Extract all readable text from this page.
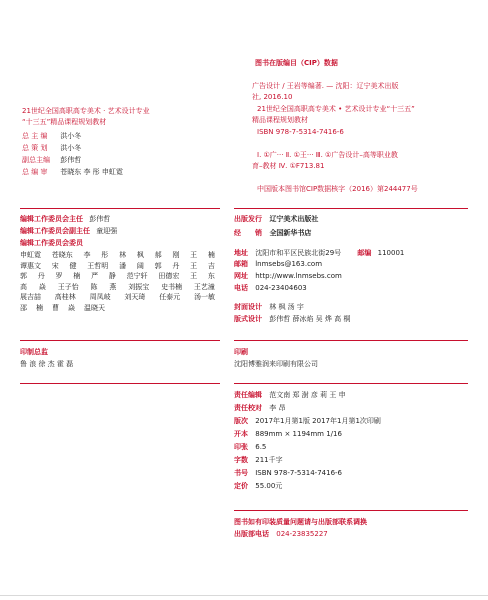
图书在版编目（CIP）数据
广告设计 / 王岩等编著. — 沈阳：辽宁美术出版
社, 2016.10
21世纪全国高职高专美术 • 艺术设计专业“十三五”
精品课程规划教材
ISBN 978-7-5314-7416-6
Ⅰ. ①广··· Ⅱ. ①王··· Ⅲ. ①广告设计–高等职业教
育–教材 Ⅳ. ①F713.81
中国版本图书馆CIP数据核字（2016）第244477号
21世纪全国高职高专美术 · 艺术设计专业
“十三五”精品课程规划教材
总 主 编 洪小冬
总 策 划 洪小冬
副总主编 彭伟哲
总 编 审 苍晓东 李 彤 申虹霓
编辑工作委员会主任 彭伟哲
编辑工作委员会副主任 童迎强
编辑工作委员会委员
申虹霓 苍晓东 李 彤 林 枫 郝 刚 王 楠
谭惠文 宋 健 王哲明 潘 阔 郭 丹 王 吉
郭 丹 罗 楠 严 静 范宁轩 田德宏 王 东
高 焱 王子怡 陈 燕 刘振宝 史书楠 王艺潼
展吉喆 高桂林 周凤岐 刘天琦 任泰元 汤一敏
邵 楠 曹 焱 温晓天
出版发行 辽宁美术出版社
经　　销 全国新华书店
地址 沈阳市和平区民族北街29号 邮编 110001
邮箱 lnmsebs@163.com
网址 http://www.lnmsebs.com
电话 024-23404603
封面设计 林 枫 汤 宇
版式设计 彭伟哲 薛冰焰 吴 烨 高 桐
印制总监
鲁 浪 徐 杰 霍 磊
印刷
沈阳博雅润来印刷有限公司
责任编辑 范文南 郑 澍 彦 莉 王 申
责任校对 李 昂
版次 2017年1月第1版 2017年1月第1次印刷
开本 889mm × 1194mm 1/16
印张 6.5
字数 211千字
书号 ISBN 978-7-5314-7416-6
定价 55.00元
图书如有印装质量问题请与出版部联系调换
出版部电话 024-23835227
